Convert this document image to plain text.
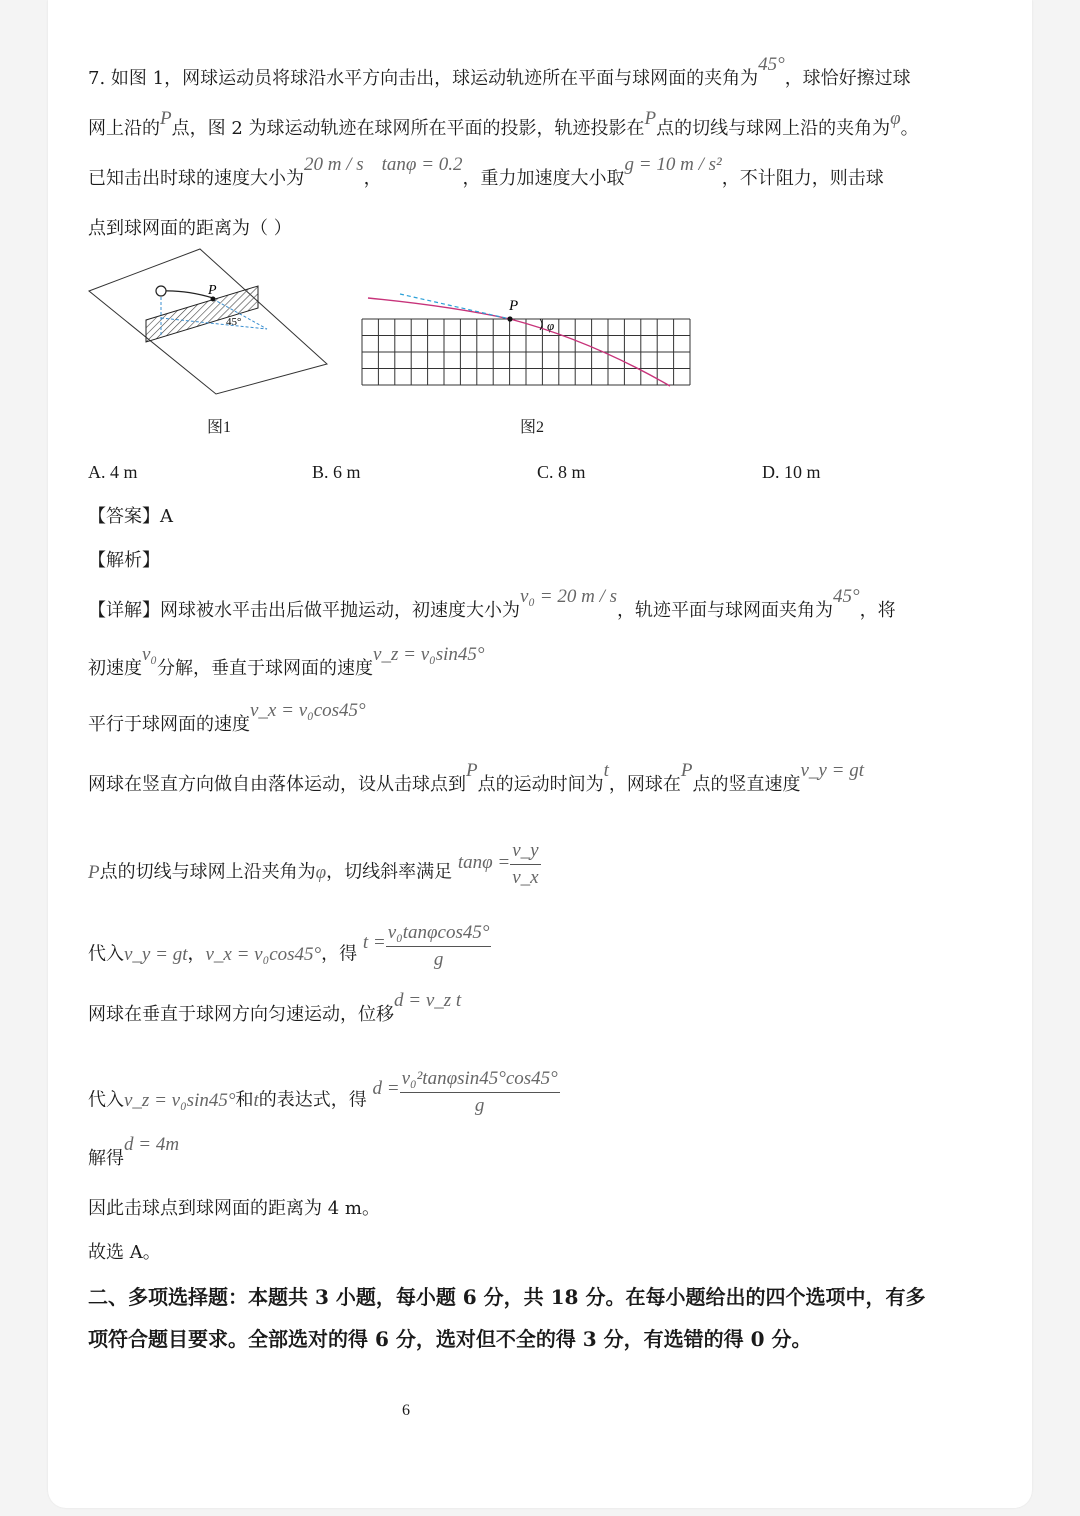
7. 如图 1，网球运动员将球沿水平方向击出，球运动轨迹所在平面与球网面的夹角为45°，球恰好擦过球
网上沿的P点，图 2 为球运动轨迹在球网所在平面的投影，轨迹投影在P点的切线与球网上沿的夹角为φ。
已知击出时球的速度大小为20 m / s，tanφ = 0.2，重力加速度大小取g = 10 m / s²，不计阻力，则击球
点到球网面的距离为（ ）
P
45°
图1
P
φ
图2
A. 4 m	B. 6 m	C. 8 m	D. 10 m
【答案】A
【解析】
【详解】网球被水平击出后做平抛运动，初速度大小为v₀ = 20 m / s，轨迹平面与球网面夹角为45°，将
初速度v₀分解，垂直于球网面的速度v_z = v₀sin45°
平行于球网面的速度v_x = v₀cos45°
网球在竖直方向做自由落体运动，设从击球点到P点的运动时间为t，网球在P点的竖直速度v_y = gt
P点的切线与球网上沿夹角为φ，切线斜率满足 $\tan\varphi = \frac{v\_y}{v\_x}$
代入v_y = gt，v_x = v₀cos45°，得 $t = \frac{\text{v₀tanφcos45°}}{g}$
网球在垂直于球网方向匀速运动，位移d = v_z t
代入v_z = v₀sin45°和t的表达式，得 $d = \frac{\text{v₀²tanφsin45°cos45°}}{g}$
解得d = 4m
因此击球点到球网面的距离为 4 m。
故选 A。
二、多项选择题：本题共 3 小题，每小题 6 分，共 18 分。在每小题给出的四个选项中，有多
项符合题目要求。全部选对的得 6 分，选对但不全的得 3 分，有选错的得 0 分。
6
